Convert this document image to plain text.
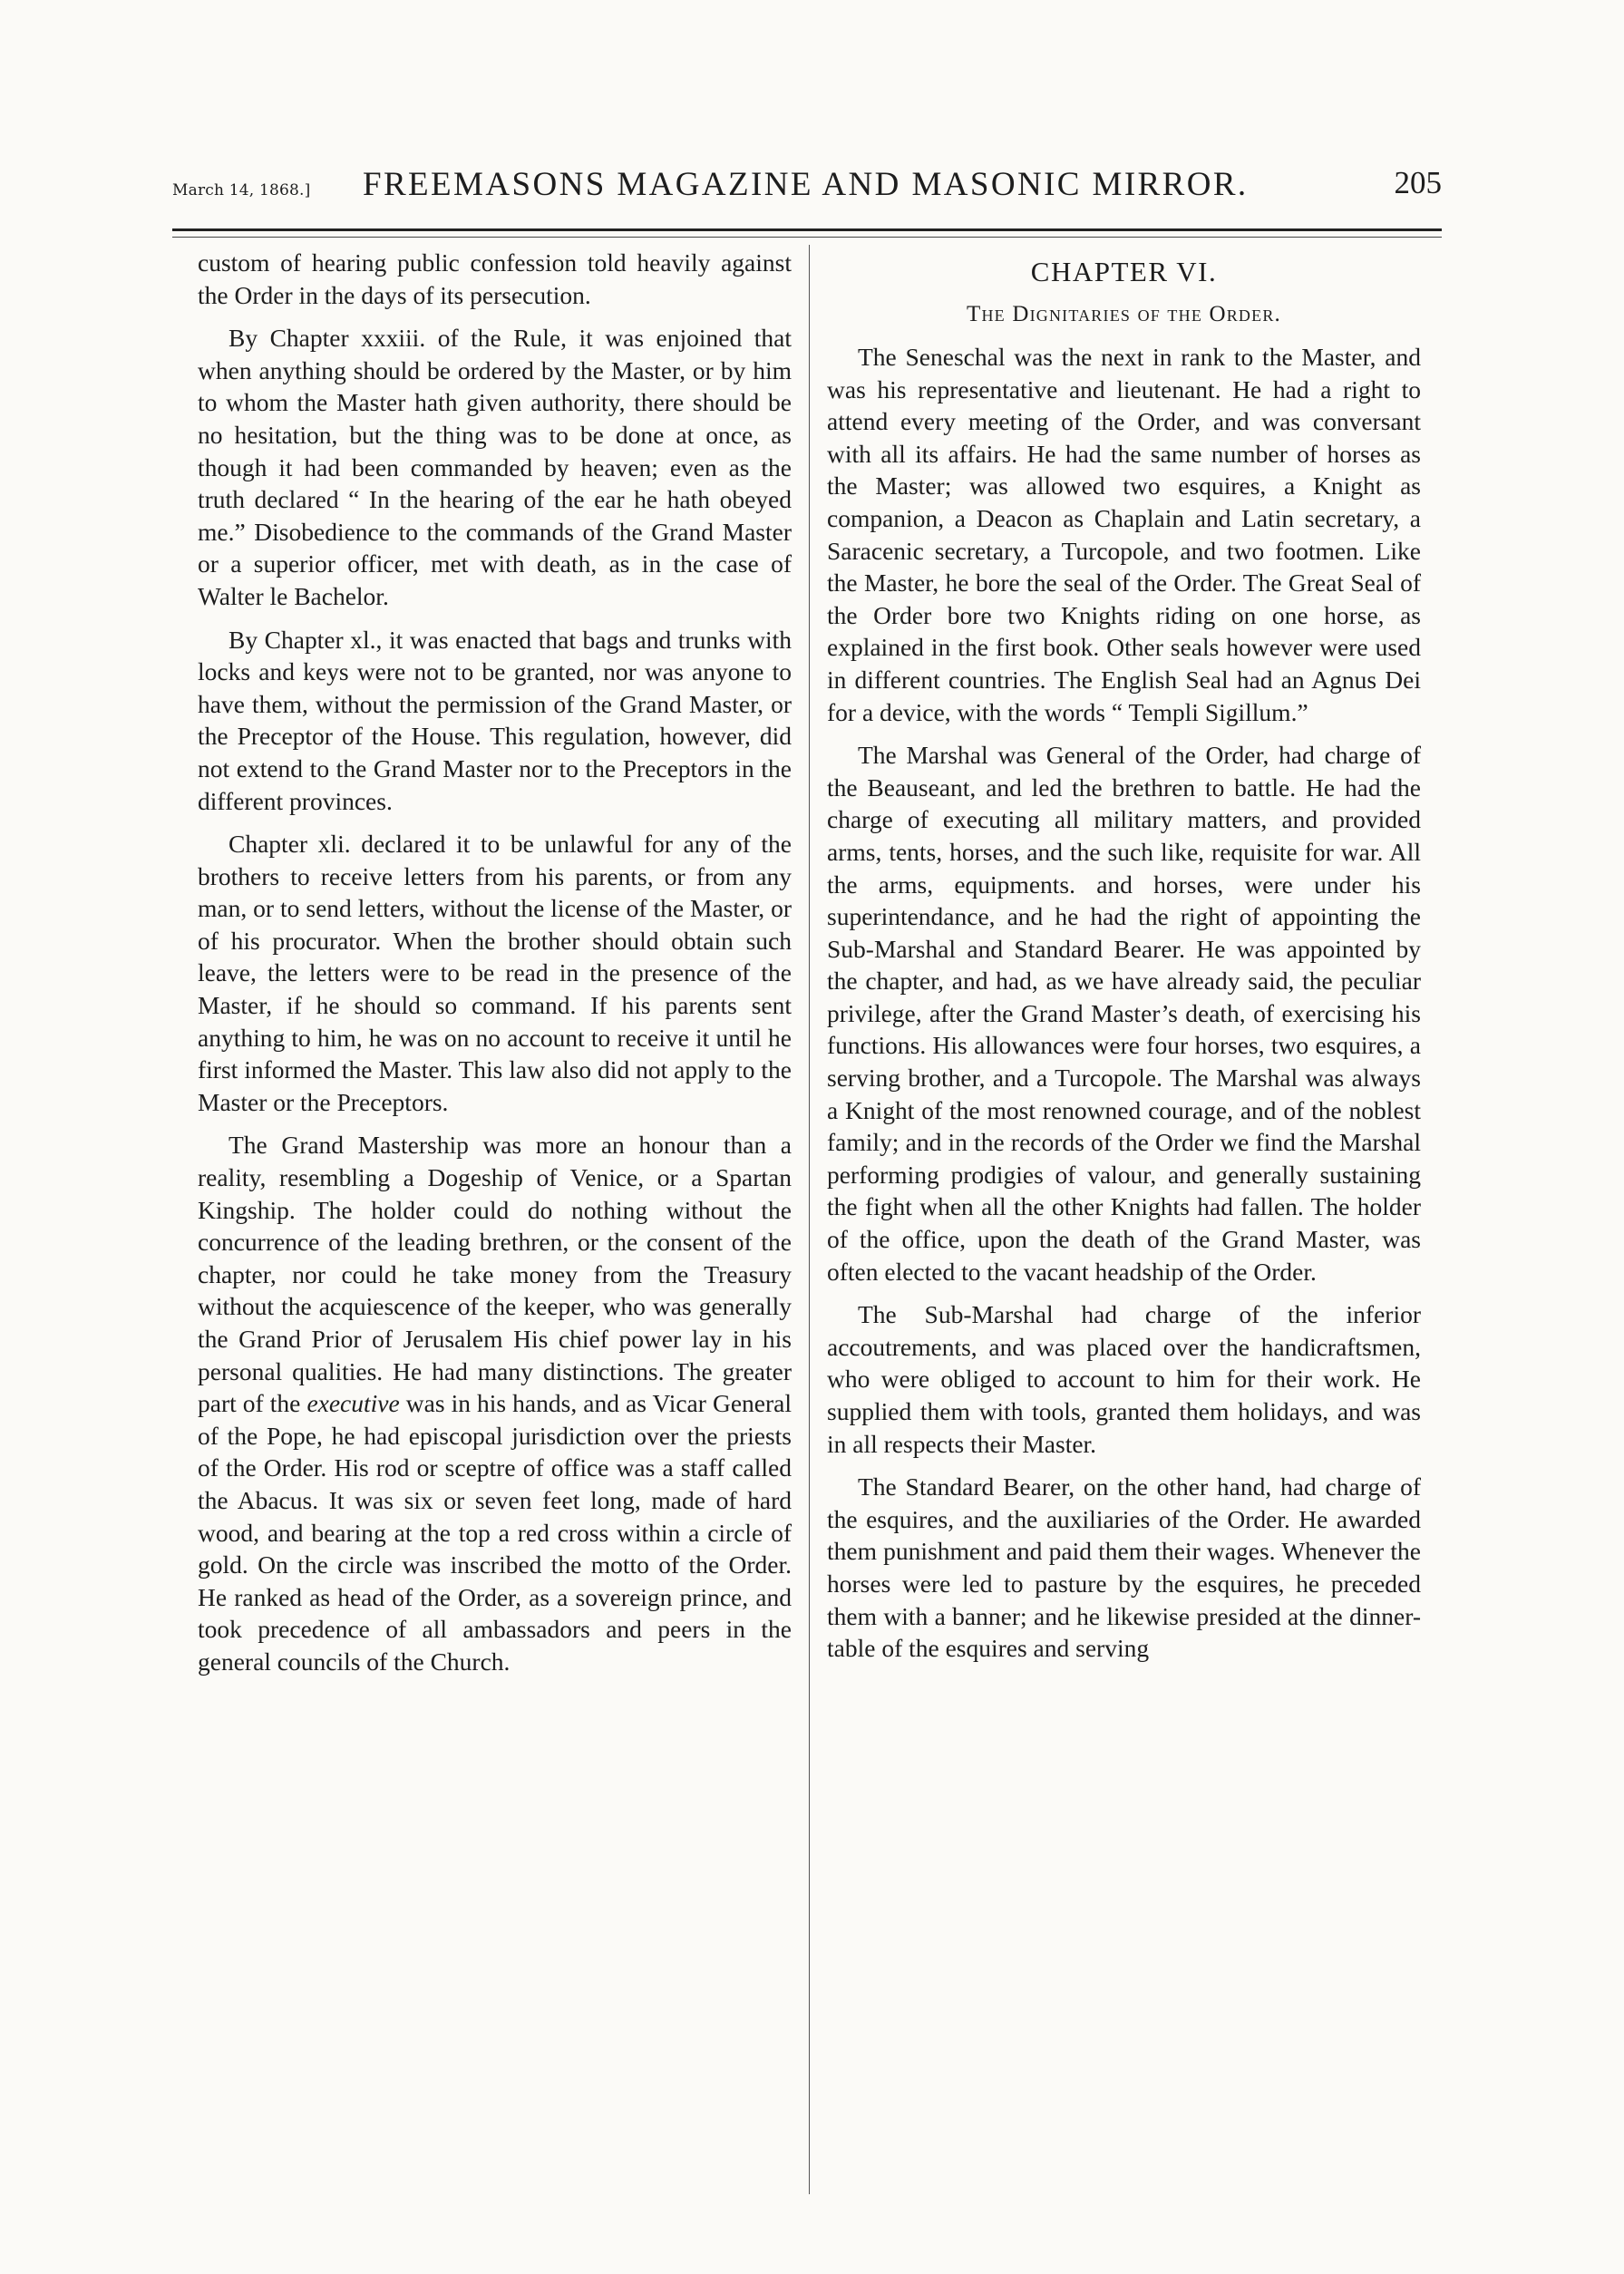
March 14, 1868.] FREEMASONS MAGAZINE AND MASONIC MIRROR.	205

custom of hearing public confession told heavily against the Order in the days of its persecution.

By Chapter xxxiii. of the Rule, it was enjoined that when anything should be ordered by the Master, or by him to whom the Master hath given authority, there should be no hesitation, but the thing was to be done at once, as though it had been commanded by heaven; even as the truth declared “ In the hearing of the ear he hath obeyed me.” Disobedience to the commands of the Grand Master or a superior officer, met with death, as in the case of Walter le Bachelor.

By Chapter xl., it was enacted that bags and trunks with locks and keys were not to be granted, nor was anyone to have them, without the permission of the Grand Master, or the Preceptor of the House. This regulation, however, did not extend to the Grand Master nor to the Preceptors in the different provinces.

Chapter xli. declared it to be unlawful for any of the brothers to receive letters from his parents, or from any man, or to send letters, without the license of the Master, or of his procurator. When the brother should obtain such leave, the letters were to be read in the presence of the Master, if he should so command. If his parents sent anything to him, he was on no account to receive it until he first informed the Master. This law also did not apply to the Master or the Preceptors.

The Grand Mastership was more an honour than a reality, resembling a Dogeship of Venice, or a Spartan Kingship. The holder could do nothing without the concurrence of the leading brethren, or the consent of the chapter, nor could he take money from the Treasury without the acquiescence of the keeper, who was generally the Grand Prior of Jerusalem His chief power lay in his personal qualities. He had many distinctions. The greater part of the executive was in his hands, and as Vicar General of the Pope, he had episcopal jurisdiction over the priests of the Order. His rod or sceptre of office was a staff called the Abacus. It was six or seven feet long, made of hard wood, and bearing at the top a red cross within a circle of gold. On the circle was inscribed the motto of the Order. He ranked as head of the Order, as a sovereign prince, and took precedence of all ambassadors and peers in the general councils of the Church.

CHAPTER VI.
The Dignitaries of the Order.

The Seneschal was the next in rank to the Master, and was his representative and lieutenant. He had a right to attend every meeting of the Order, and was conversant with all its affairs. He had the same number of horses as the Master; was allowed two esquires, a Knight as companion, a Deacon as Chaplain and Latin secretary, a Saracenic secretary, a Turcopole, and two footmen. Like the Master, he bore the seal of the Order. The Great Seal of the Order bore two Knights riding on one horse, as explained in the first book. Other seals however were used in different countries. The English Seal had an Agnus Dei for a device, with the words “ Templi Sigillum.”

The Marshal was General of the Order, had charge of the Beauseant, and led the brethren to battle. He had the charge of executing all military matters, and provided arms, tents, horses, and the such like, requisite for war. All the arms, equipments. and horses, were under his superintendance, and he had the right of appointing the Sub-Marshal and Standard Bearer. He was appointed by the chapter, and had, as we have already said, the peculiar privilege, after the Grand Master’s death, of exercising his functions. His allowances were four horses, two esquires, a serving brother, and a Turcopole. The Marshal was always a Knight of the most renowned courage, and of the noblest family; and in the records of the Order we find the Marshal performing prodigies of valour, and generally sustaining the fight when all the other Knights had fallen. The holder of the office, upon the death of the Grand Master, was often elected to the vacant headship of the Order.

The Sub-Marshal had charge of the inferior accoutrements, and was placed over the handicraftsmen, who were obliged to account to him for their work. He supplied them with tools, granted them holidays, and was in all respects their Master.

The Standard Bearer, on the other hand, had charge of the esquires, and the auxiliaries of the Order. He awarded them punishment and paid them their wages. Whenever the horses were led to pasture by the esquires, he preceded them with a banner; and he likewise presided at the dinner-table of the esquires and serving
